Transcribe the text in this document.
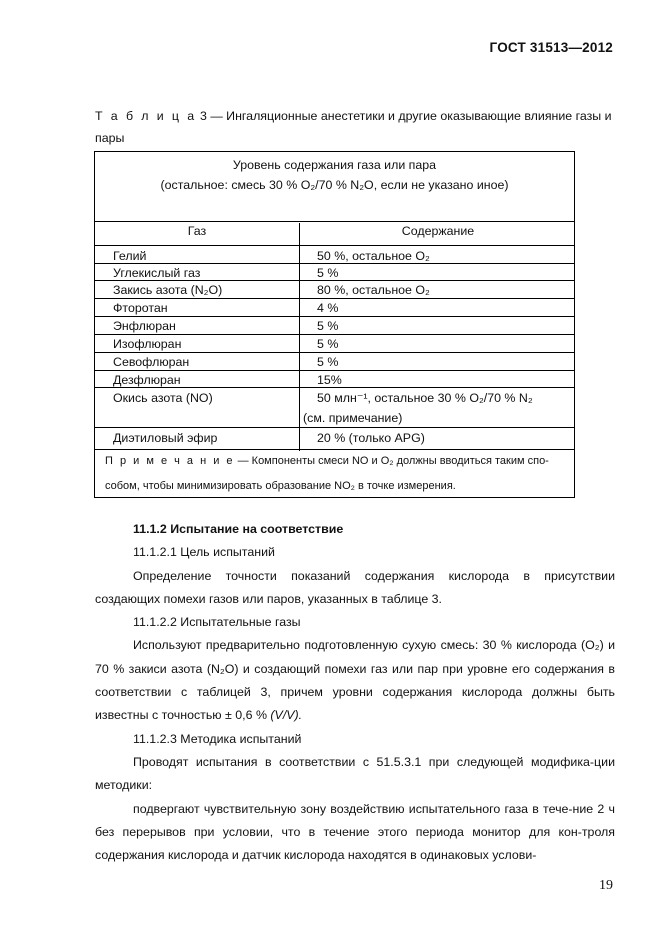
ГОСТ 31513—2012
Т а б л и ц а 3 — Ингаляционные анестетики и другие оказывающие влияние газы и пары
Уровень содержания газа или пара
(остальное: смесь 30 % O₂/70 % N₂O, если не указано иное)
Газ	Содержание
Гелий	50 %, остальное O₂
Углекислый газ	5 %
Закись азота (N₂O)	80 %, остальное O₂
Фторотан	4 %
Энфлюран	5 %
Изофлюран	5 %
Севофлюран	5 %
Дезфлюран	15%
Окись азота (NO)	50 млн⁻¹, остальное 30 % O₂/70 % N₂
(см. примечание)
Диэтиловый эфир	20 % (только APG)
П р и м е ч а н и е — Компоненты смеси NO и O₂ должны вводиться таким спо-
собом, чтобы минимизировать образование NO₂ в точке измерения.

11.1.2 Испытание на соответствие

11.1.2.1 Цель испытаний

Определение точности показаний содержания кислорода в присутствии создающих помехи газов или паров, указанных в таблице 3.

11.1.2.2 Испытательные газы

Используют предварительно подготовленную сухую смесь: 30 % кислорода (O₂) и 70 % закиси азота (N₂O) и создающий помехи газ или пар при уровне его содержания в соответствии с таблицей 3, причем уровни содержания кислорода должны быть известны с точностью ± 0,6 % (V/V).

11.1.2.3 Методика испытаний

Проводят испытания в соответствии с 51.5.3.1 при следующей модифика-ции методики:

подвергают чувствительную зону воздействию испытательного газа в тече-ние 2 ч без перерывов при условии, что в течение этого периода монитор для кон-троля содержания кислорода и датчик кислорода находятся в одинаковых услови-

19
